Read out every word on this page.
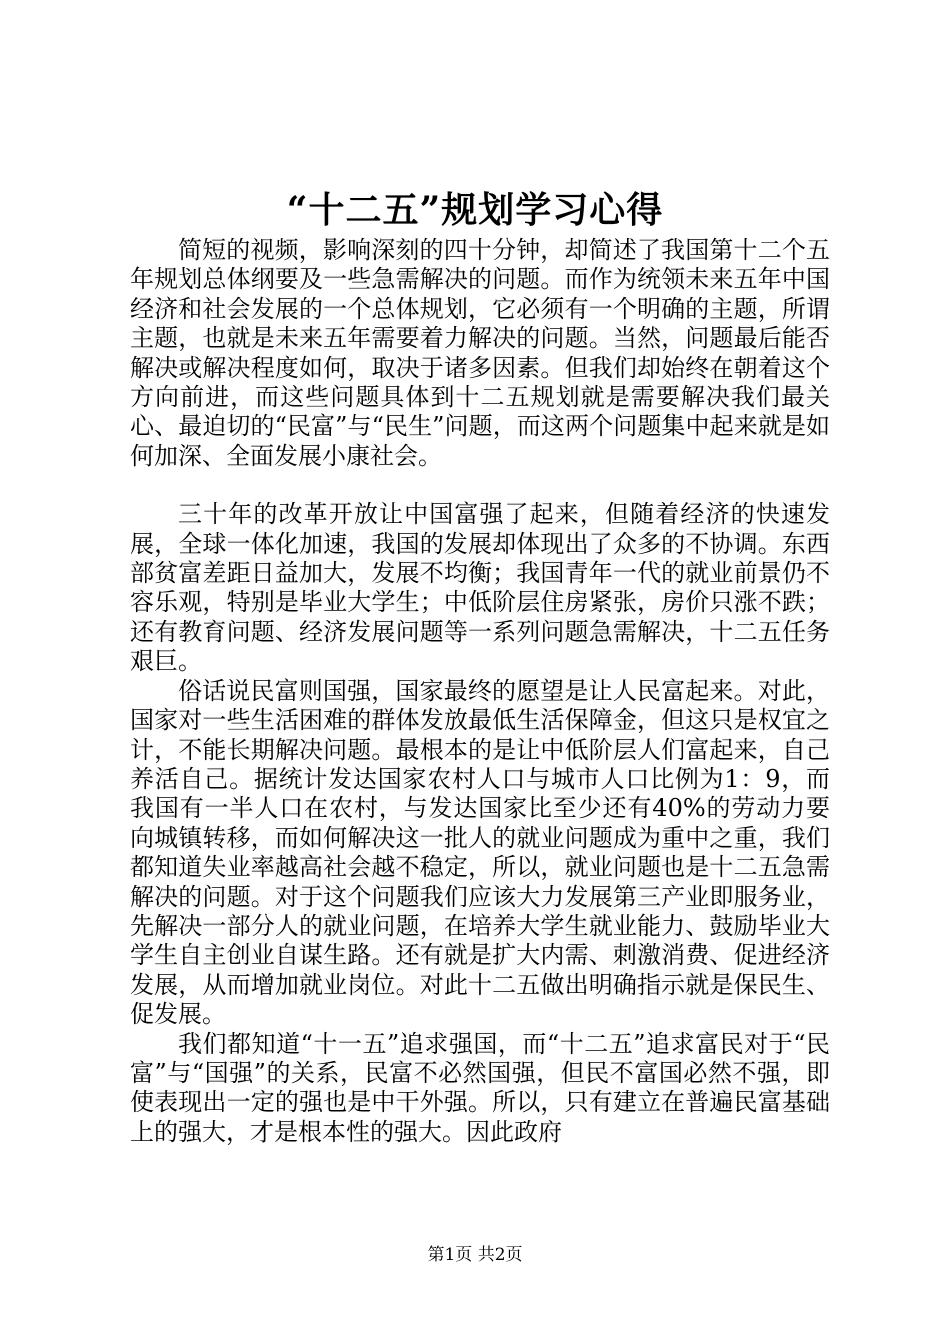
“十二五”规划学习心得

简短的视频，影响深刻的四十分钟，却简述了我国第十二个五年规划总体纲要及一些急需解决的问题。而作为统领未来五年中国经济和社会发展的一个总体规划，它必须有一个明确的主题，所谓主题，也就是未来五年需要着力解决的问题。当然，问题最后能否解决或解决程度如何，取决于诸多因素。但我们却始终在朝着这个方向前进，而这些问题具体到十二五规划就是需要解决我们最关心、最迫切的“民富”与“民生”问题，而这两个问题集中起来就是如何加深、全面发展小康社会。

三十年的改革开放让中国富强了起来，但随着经济的快速发展，全球一体化加速，我国的发展却体现出了众多的不协调。东西部贫富差距日益加大，发展不均衡；我国青年一代的就业前景仍不容乐观，特别是毕业大学生；中低阶层住房紧张，房价只涨不跌；还有教育问题、经济发展问题等一系列问题急需解决，十二五任务艰巨。

俗话说民富则国强，国家最终的愿望是让人民富起来。对此，国家对一些生活困难的群体发放最低生活保障金，但这只是权宜之计，不能长期解决问题。最根本的是让中低阶层人们富起来，自己养活自己。据统计发达国家农村人口与城市人口比例为1：9，而我国有一半人口在农村，与发达国家比至少还有40%的劳动力要向城镇转移，而如何解决这一批人的就业问题成为重中之重，我们都知道失业率越高社会越不稳定，所以，就业问题也是十二五急需解决的问题。对于这个问题我们应该大力发展第三产业即服务业，先解决一部分人的就业问题，在培养大学生就业能力、鼓励毕业大学生自主创业自谋生路。还有就是扩大内需、刺激消费、促进经济发展，从而增加就业岗位。对此十二五做出明确指示就是保民生、促发展。

我们都知道“十一五”追求强国，而“十二五”追求富民对于“民富”与“国强”的关系，民富不必然国强，但民不富国必然不强，即使表现出一定的强也是中干外强。所以，只有建立在普遍民富基础上的强大，才是根本性的强大。因此政府

第1页 共2页
